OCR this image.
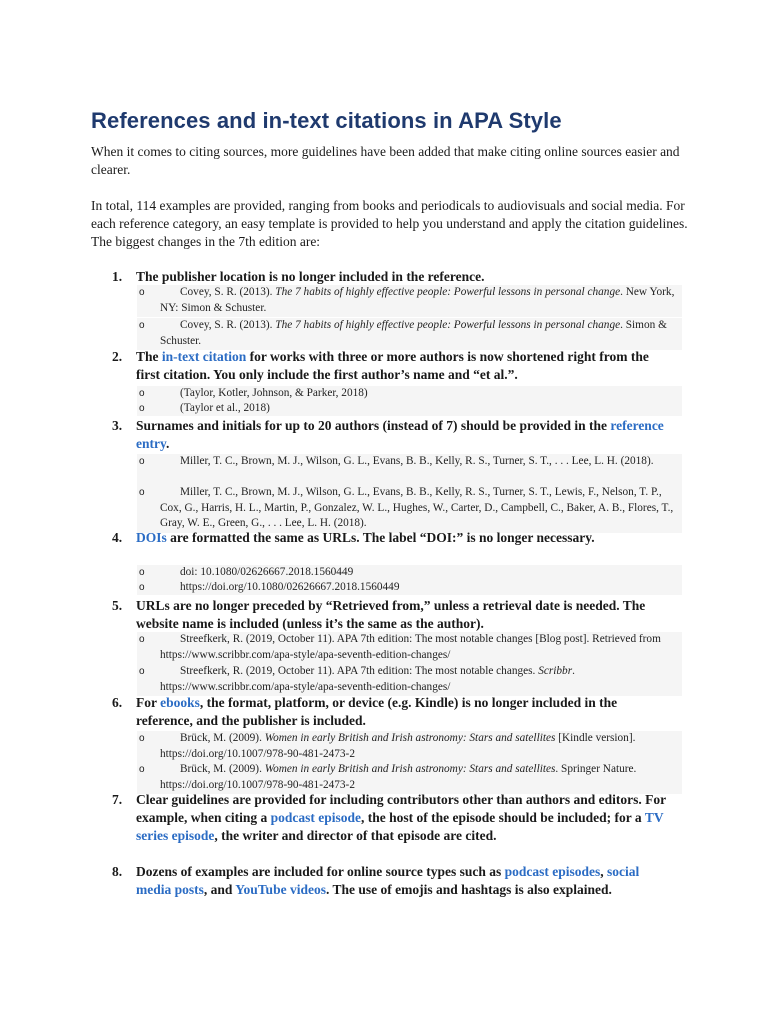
References and in-text citations in APA Style

When it comes to citing sources, more guidelines have been added that make citing online sources easier and clearer.

In total, 114 examples are provided, ranging from books and periodicals to audiovisuals and social media. For each reference category, an easy template is provided to help you understand and apply the citation guidelines. The biggest changes in the 7th edition are:

1.	The publisher location is no longer included in the reference.

o	Covey, S. R. (2013). The 7 habits of highly effective people: Powerful lessons in personal change. New York, NY: Simon & Schuster.

o	Covey, S. R. (2013). The 7 habits of highly effective people: Powerful lessons in personal change. Simon & Schuster.

2.	The in-text citation for works with three or more authors is now shortened right from the first citation. You only include the first author’s name and “et al.”.

o	(Taylor, Kotler, Johnson, & Parker, 2018)

o	(Taylor et al., 2018)

3.	Surnames and initials for up to 20 authors (instead of 7) should be provided in the reference entry.

o	Miller, T. C., Brown, M. J., Wilson, G. L., Evans, B. B., Kelly, R. S., Turner, S. T., . . . Lee, L. H. (2018).

o	Miller, T. C., Brown, M. J., Wilson, G. L., Evans, B. B., Kelly, R. S., Turner, S. T., Lewis, F., Nelson, T. P., Cox, G., Harris, H. L., Martin, P., Gonzalez, W. L., Hughes, W., Carter, D., Campbell, C., Baker, A. B., Flores, T., Gray, W. E., Green, G., . . . Lee, L. H. (2018).

4.	DOIs are formatted the same as URLs. The label “DOI:” is no longer necessary.

o	doi: 10.1080/02626667.2018.1560449

o	https://doi.org/10.1080/02626667.2018.1560449

5.	URLs are no longer preceded by “Retrieved from,” unless a retrieval date is needed. The website name is included (unless it’s the same as the author).

o	Streefkerk, R. (2019, October 11). APA 7th edition: The most notable changes [Blog post]. Retrieved from https://www.scribbr.com/apa-style/apa-seventh-edition-changes/

o	Streefkerk, R. (2019, October 11). APA 7th edition: The most notable changes. Scribbr. https://www.scribbr.com/apa-style/apa-seventh-edition-changes/

6.	For ebooks, the format, platform, or device (e.g. Kindle) is no longer included in the reference, and the publisher is included.

o	Brück, M. (2009). Women in early British and Irish astronomy: Stars and satellites [Kindle version]. https://doi.org/10.1007/978-90-481-2473-2

o	Brück, M. (2009). Women in early British and Irish astronomy: Stars and satellites. Springer Nature. https://doi.org/10.1007/978-90-481-2473-2

7.	Clear guidelines are provided for including contributors other than authors and editors. For example, when citing a podcast episode, the host of the episode should be included; for a TV series episode, the writer and director of that episode are cited.

8.	Dozens of examples are included for online source types such as podcast episodes, social media posts, and YouTube videos. The use of emojis and hashtags is also explained.
